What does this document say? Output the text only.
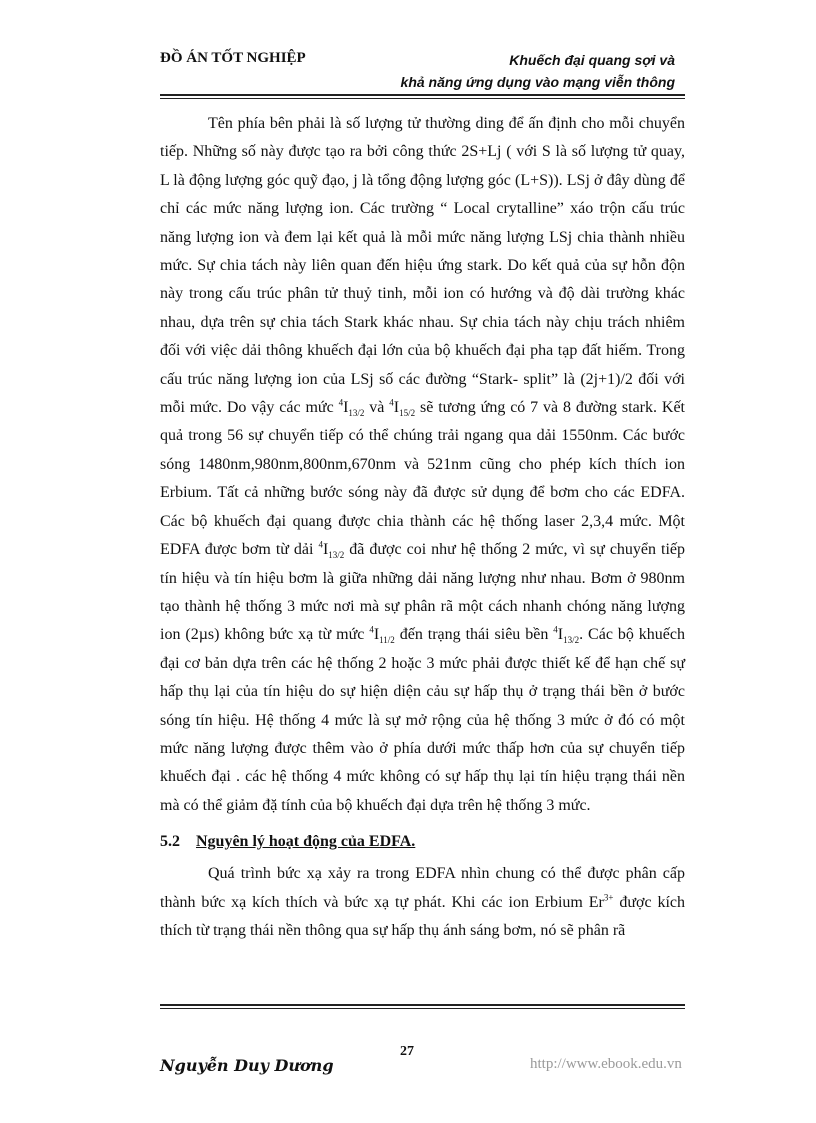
ĐỒ ÁN TỐT NGHIỆP	Khuếch đại quang sợi và
khả năng ứng dụng vào mạng viễn thông

Tên phía bên phải là số lượng tử thường ding để ấn định cho mỗi chuyển tiếp. Những số này được tạo ra bởi công thức 2S+Lj ( với S là số lượng tử quay, L là động lượng góc quỹ đạo, j là tổng động lượng góc (L+S)). LSj ở đây dùng để chỉ các mức năng lượng ion. Các trường “ Local crytalline” xáo trộn cấu trúc năng lượng ion và đem lại kết quả là mỗi mức năng lượng LSj chia thành nhiều mức. Sự chia tách này liên quan đến hiệu ứng stark. Do kết quả của sự hỗn độn này trong cấu trúc phân tử thuỷ tinh, mỗi ion có hướng và độ dài trường khác nhau, dựa trên sự chia tách Stark khác nhau. Sự chia tách này chịu trách nhiêm đối với việc dải thông khuếch đại lớn của bộ khuếch đại pha tạp đất hiếm. Trong cấu trúc năng lượng ion của LSj số các đường “Stark- split” là (2j+1)/2 đối với mỗi mức. Do vậy các mức $^4I_{13/2}$ và $^4I_{15/2}$ sẽ tương ứng có 7 và 8 đường stark. Kết quả trong 56 sự chuyển tiếp có thể chúng trải ngang qua dải 1550nm. Các bước sóng 1480nm,980nm,800nm,670nm và 521nm cũng cho phép kích thích ion Erbium. Tất cả những bước sóng này đã được sử dụng để bơm cho các EDFA. Các bộ khuếch đại quang được chia thành các hệ thống laser 2,3,4 mức. Một EDFA được bơm từ dải $^4I_{13/2}$ đã được coi như hệ thống 2 mức, vì sự chuyển tiếp tín hiệu và tín hiệu bơm là giữa những dải năng lượng như nhau. Bơm ở 980nm tạo thành hệ thống 3 mức nơi mà sự phân rã một cách nhanh chóng năng lượng ion (2µs) không bức xạ từ mức $^4I_{11/2}$ đến trạng thái siêu bền $^4I_{13/2}$. Các bộ khuếch đại cơ bản dựa trên các hệ thống 2 hoặc 3 mức phải được thiết kế để hạn chế sự hấp thụ lại của tín hiệu do sự hiện diện cảu sự hấp thụ ở trạng thái bền ở bước sóng tín hiệu. Hệ thống 4 mức là sự mở rộng của hệ thống 3 mức ở đó có một mức năng lượng được thêm vào ở phía dưới mức thấp hơn của sự chuyển tiếp khuếch đại . các hệ thống 4 mức không có sự hấp thụ lại tín hiệu trạng thái nền mà có thể giảm đặ tính của bộ khuếch đại dựa trên hệ thống 3 mức.

5.2 Nguyên lý hoạt động của EDFA.

Quá trình bức xạ xảy ra trong EDFA nhìn chung có thể được phân cấp thành bức xạ kích thích và bức xạ tự phát. Khi các ion Erbium $Er^{3+}$ được kích thích từ trạng thái nền thông qua sự hấp thụ ánh sáng bơm, nó sẽ phân rã

Nguyễn Duy Dương
27
http://www.ebook.edu.vn
